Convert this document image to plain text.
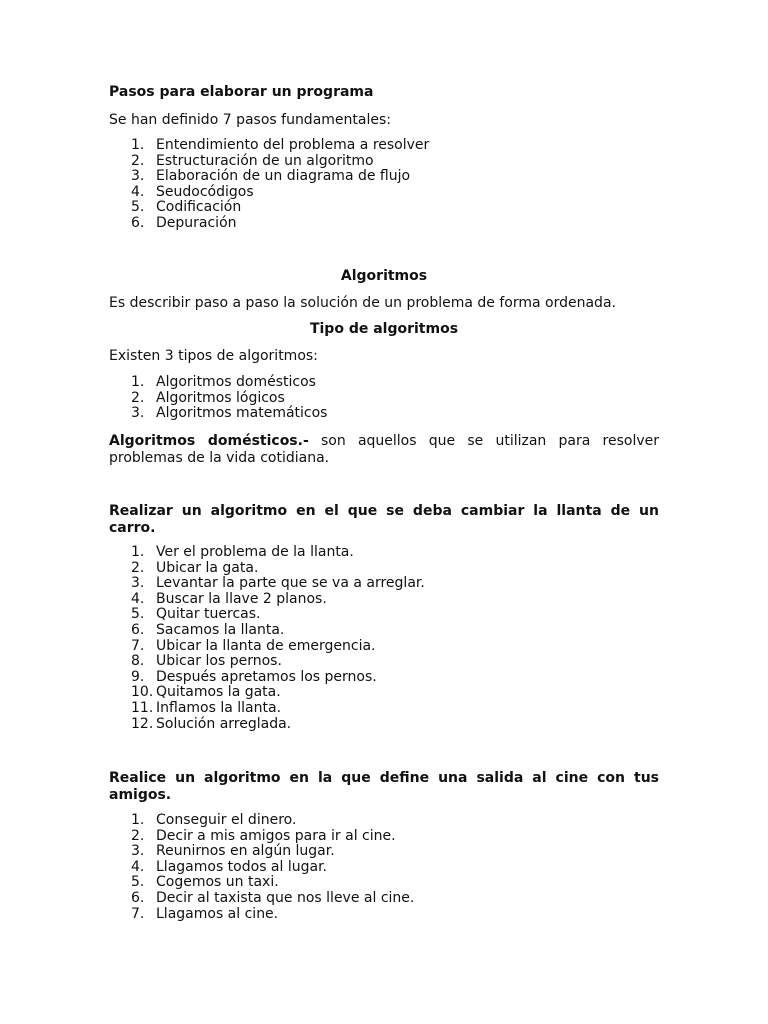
Pasos para elaborar un programa

Se han definido 7 pasos fundamentales:

1. Entendimiento del problema a resolver
2. Estructuración de un algoritmo
3. Elaboración de un diagrama de flujo
4. Seudocódigos
5. Codificación
6. Depuración

Algoritmos

Es describir paso a paso la solución de un problema de forma ordenada.

Tipo de algoritmos

Existen 3 tipos de algoritmos:

1. Algoritmos domésticos
2. Algoritmos lógicos
3. Algoritmos matemáticos

Algoritmos domésticos.- son aquellos que se utilizan para resolver problemas de la vida cotidiana.

Realizar un algoritmo en el que se deba cambiar la llanta de un carro.

1. Ver el problema de la llanta.
2. Ubicar la gata.
3. Levantar la parte que se va a arreglar.
4. Buscar la llave 2 planos.
5. Quitar tuercas.
6. Sacamos la llanta.
7. Ubicar la llanta de emergencia.
8. Ubicar los pernos.
9. Después apretamos los pernos.
10. Quitamos la gata.
11. Inflamos la llanta.
12. Solución arreglada.

Realice un algoritmo en la que define una salida al cine con tus amigos.

1. Conseguir el dinero.
2. Decir a mis amigos para ir al cine.
3. Reunirnos en algún lugar.
4. Llagamos todos al lugar.
5. Cogemos un taxi.
6. Decir al taxista que nos lleve al cine.
7. Llagamos al cine.
